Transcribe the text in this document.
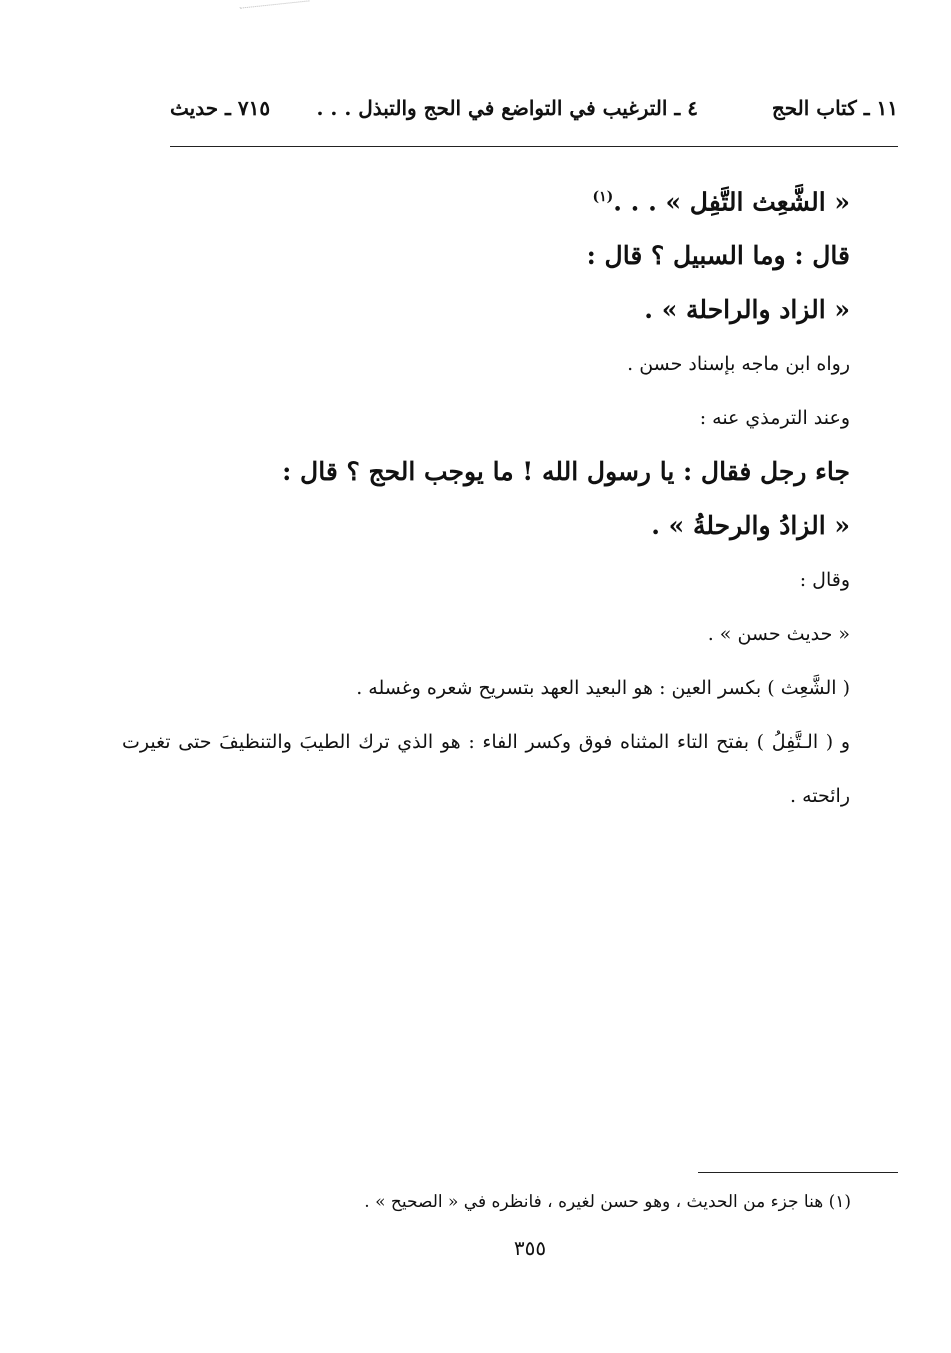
١١ ـ كتاب الحج
٤ ـ الترغيب في التواضع في الحج والتبذل . . .
٧١٥ ـ حديث
« الشَّعِث التَّفِل » . . .$^{(١)}$
قال : وما السبيل ؟ قال :
« الزاد والراحلة » .
رواه ابن ماجه بإسناد حسن .
وعند الترمذي عنه :
جاء رجل فقال : يا رسول الله ! ما يوجب الحج ؟ قال :
« الزادُ والرحلةُ » .
وقال :
« حديث حسن » .
( الشَّعِث ) بكسر العين : هو البعيد العهد بتسريح شعره وغسله .
و ( الـتَّفِلُ ) بفتح التاء المثناه فوق وكسر الفاء : هو الذي ترك الطيبَ والتنظيفَ حتى تغيرت رائحته .
(١) هنا جزء من الحديث ، وهو حسن لغيره ، فانظره في « الصحيح » .
٣٥٥
